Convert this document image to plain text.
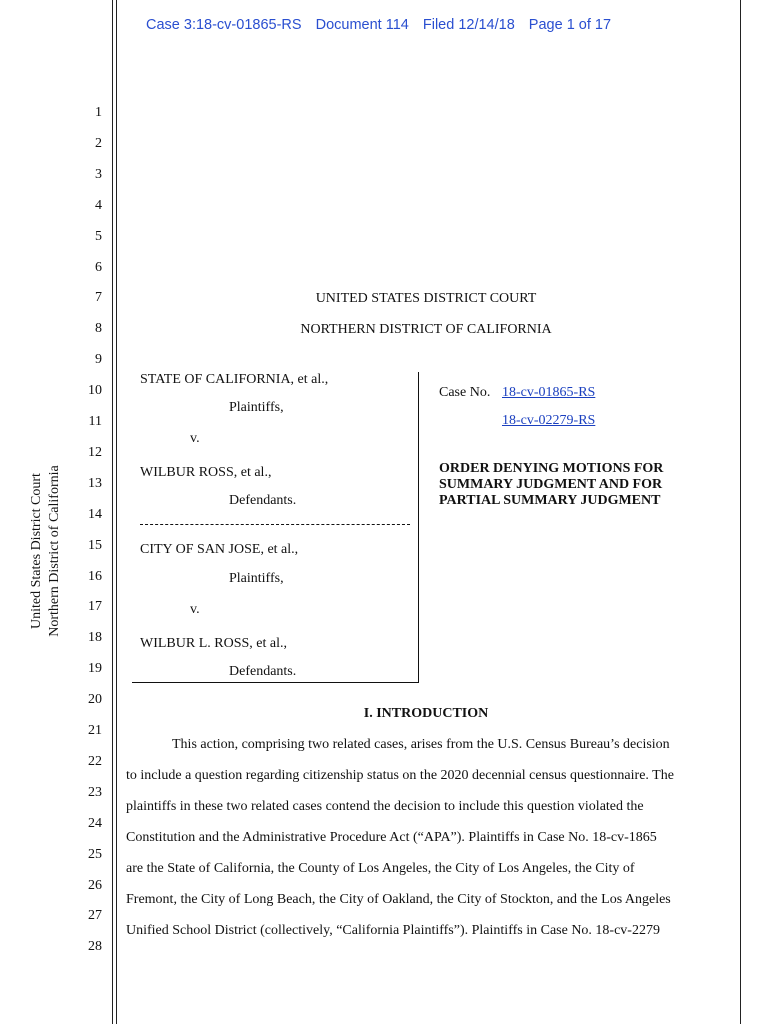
Case 3:18-cv-01865-RS Document 114 Filed 12/14/18 Page 1 of 17
United States District Court Northern District of California
1
2
3
4
5
6
7
8
9
10
11
12
13
14
15
16
17
18
19
20
21
22
23
24
25
26
27
28
UNITED STATES DISTRICT COURT
NORTHERN DISTRICT OF CALIFORNIA
STATE OF CALIFORNIA, et al.,
Plaintiffs,
v.
WILBUR ROSS, et al.,
Defendants.
CITY OF SAN JOSE, et al.,
Plaintiffs,
v.
WILBUR L. ROSS, et al.,
Defendants.
Case No. 18-cv-01865-RS
18-cv-02279-RS
ORDER DENYING MOTIONS FOR
SUMMARY JUDGMENT AND FOR
PARTIAL SUMMARY JUDGMENT
I. INTRODUCTION
This action, comprising two related cases, arises from the U.S. Census Bureau’s decision
to include a question regarding citizenship status on the 2020 decennial census questionnaire. The
plaintiffs in these two related cases contend the decision to include this question violated the
Constitution and the Administrative Procedure Act (“APA”). Plaintiffs in Case No. 18-cv-1865
are the State of California, the County of Los Angeles, the City of Los Angeles, the City of
Fremont, the City of Long Beach, the City of Oakland, the City of Stockton, and the Los Angeles
Unified School District (collectively, “California Plaintiffs”). Plaintiffs in Case No. 18-cv-2279
